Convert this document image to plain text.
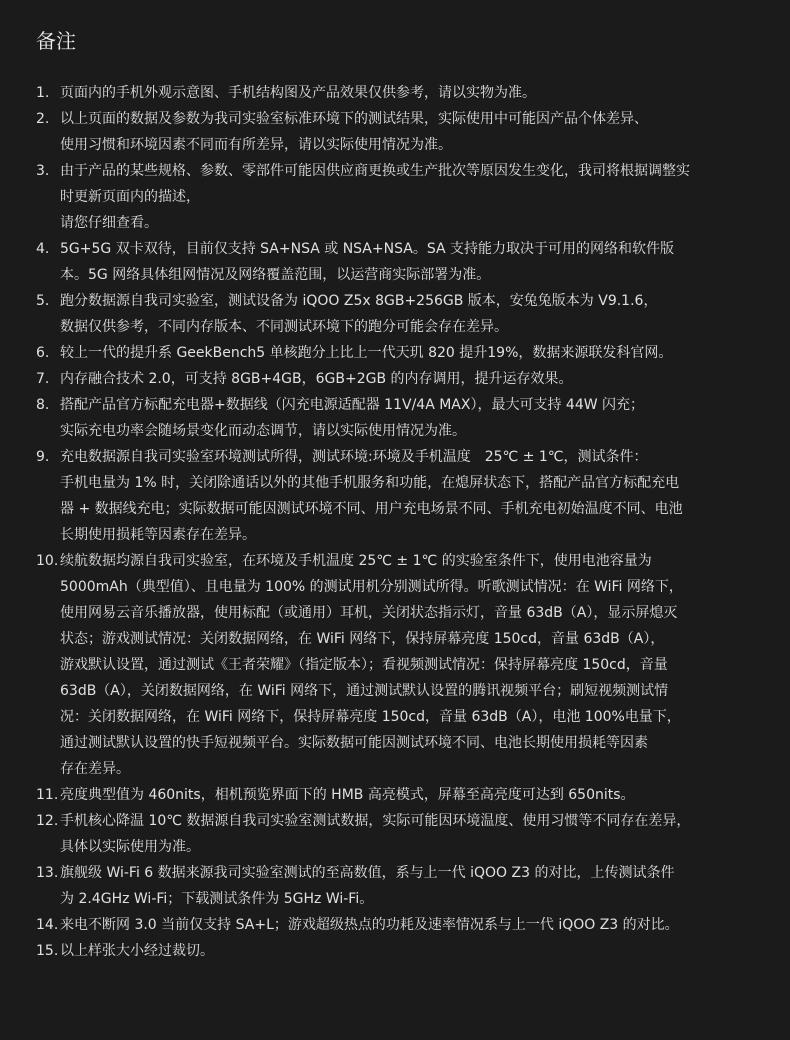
备注
1. 页面内的手机外观示意图、手机结构图及产品效果仅供参考，请以实物为准。
2. 以上页面的数据及参数为我司实验室标准环境下的测试结果，实际使用中可能因产品个体差异、
使用习惯和环境因素不同而有所差异，请以实际使用情况为准。
3. 由于产品的某些规格、参数、零部件可能因供应商更换或生产批次等原因发生变化，我司将根据调整实
时更新页面内的描述，
请您仔细查看。
4. 5G+5G 双卡双待，目前仅支持 SA+NSA 或 NSA+NSA。SA 支持能力取决于可用的网络和软件版
本。5G 网络具体组网情况及网络覆盖范围，以运营商实际部署为准。
5. 跑分数据源自我司实验室，测试设备为 iQOO Z5x 8GB+256GB 版本，安兔兔版本为 V9.1.6，
数据仅供参考，不同内存版本、不同测试环境下的跑分可能会存在差异。
6. 较上一代的提升系 GeekBench5 单核跑分上比上一代天玑 820 提升19%，数据来源联发科官网。
7. 内存融合技术 2.0，可支持 8GB+4GB，6GB+2GB 的内存调用，提升运存效果。
8. 搭配产品官方标配充电器+数据线（闪充电源适配器 11V/4A MAX），最大可支持 44W 闪充；
实际充电功率会随场景变化而动态调节，请以实际使用情况为准。
9. 充电数据源自我司实验室环境测试所得，测试环境:环境及手机温度　25℃ ± 1℃，测试条件：
手机电量为 1% 时，关闭除通话以外的其他手机服务和功能，在熄屏状态下，搭配产品官方标配充电
器 + 数据线充电；实际数据可能因测试环境不同、用户充电场景不同、手机充电初始温度不同、电池
长期使用损耗等因素存在差异。
10. 续航数据均源自我司实验室，在环境及手机温度 25℃ ± 1℃ 的实验室条件下，使用电池容量为
5000mAh（典型值）、且电量为 100% 的测试用机分别测试所得。听歌测试情况：在 WiFi 网络下，
使用网易云音乐播放器，使用标配（或通用）耳机，关闭状态指示灯，音量 63dB（A），显示屏熄灭
状态；游戏测试情况：关闭数据网络，在 WiFi 网络下，保持屏幕亮度 150cd，音量 63dB（A），
游戏默认设置，通过测试《王者荣耀》（指定版本）；看视频测试情况：保持屏幕亮度 150cd，音量
63dB（A），关闭数据网络，在 WiFi 网络下，通过测试默认设置的腾讯视频平台；刷短视频测试情
况：关闭数据网络，在 WiFi 网络下，保持屏幕亮度 150cd，音量 63dB（A），电池 100%电量下，
通过测试默认设置的快手短视频平台。实际数据可能因测试环境不同、电池长期使用损耗等因素
存在差异。
11. 亮度典型值为 460nits，相机预览界面下的 HMB 高亮模式，屏幕至高亮度可达到 650nits。
12. 手机核心降温 10℃ 数据源自我司实验室测试数据，实际可能因环境温度、使用习惯等不同存在差异，
具体以实际使用为准。
13. 旗舰级 Wi-Fi 6 数据来源我司实验室测试的至高数值，系与上一代 iQOO Z3 的对比，上传测试条件
为 2.4GHz Wi-Fi；下载测试条件为 5GHz Wi-Fi。
14. 来电不断网 3.0 当前仅支持 SA+L；游戏超级热点的功耗及速率情况系与上一代 iQOO Z3 的对比。
15. 以上样张大小经过裁切。
